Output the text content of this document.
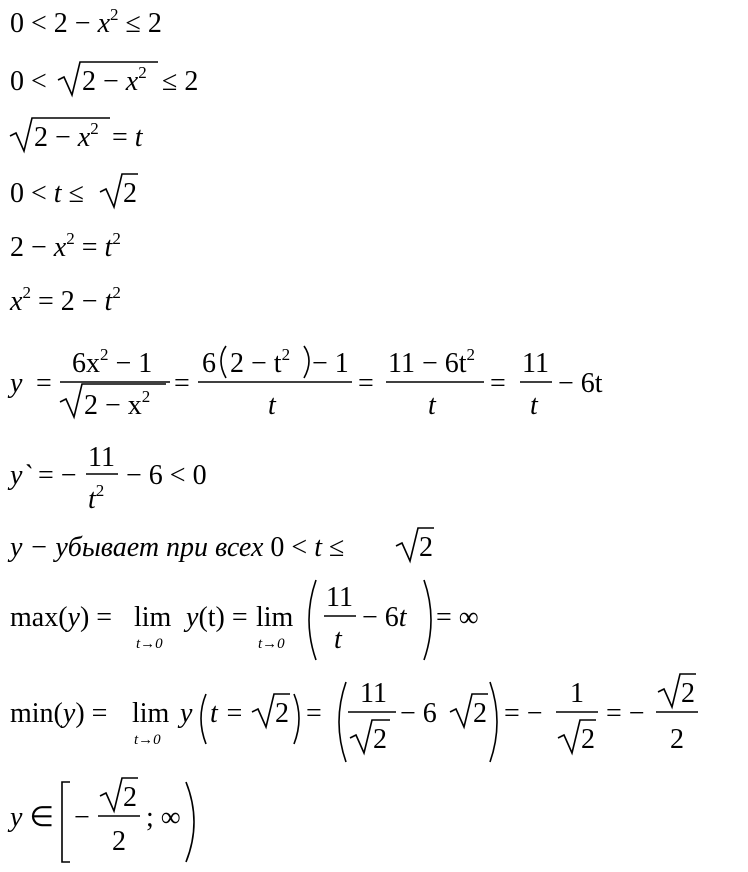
$0 < 2 - x^2 \le 2$
$0 < 2 - x^2 \le 2$
$2 - x^2 = t$
0 < t ≤ 2
$2 - x^2 = t^2$
$x^2 = 2 - t^2$
y =
$6x^2 - 1$
$2 - x^2$ =
6 $2 - t^2 - 1$
t
=
$11 - 6t^2$
t
=
11
t
− 6t
y` = −
11
$t^2 - 6 < 0$
y − убывает при всех 0 < t ≤	2
max(y) = lim
t→0
y(t) = lim
t→0
11
t
− 6t = ∞
min(y) = lim
t→0
y t = 2 =
11
2
− 6 2 = −
1
2
= −
2
2
y ∈ −
2
2
; ∞
